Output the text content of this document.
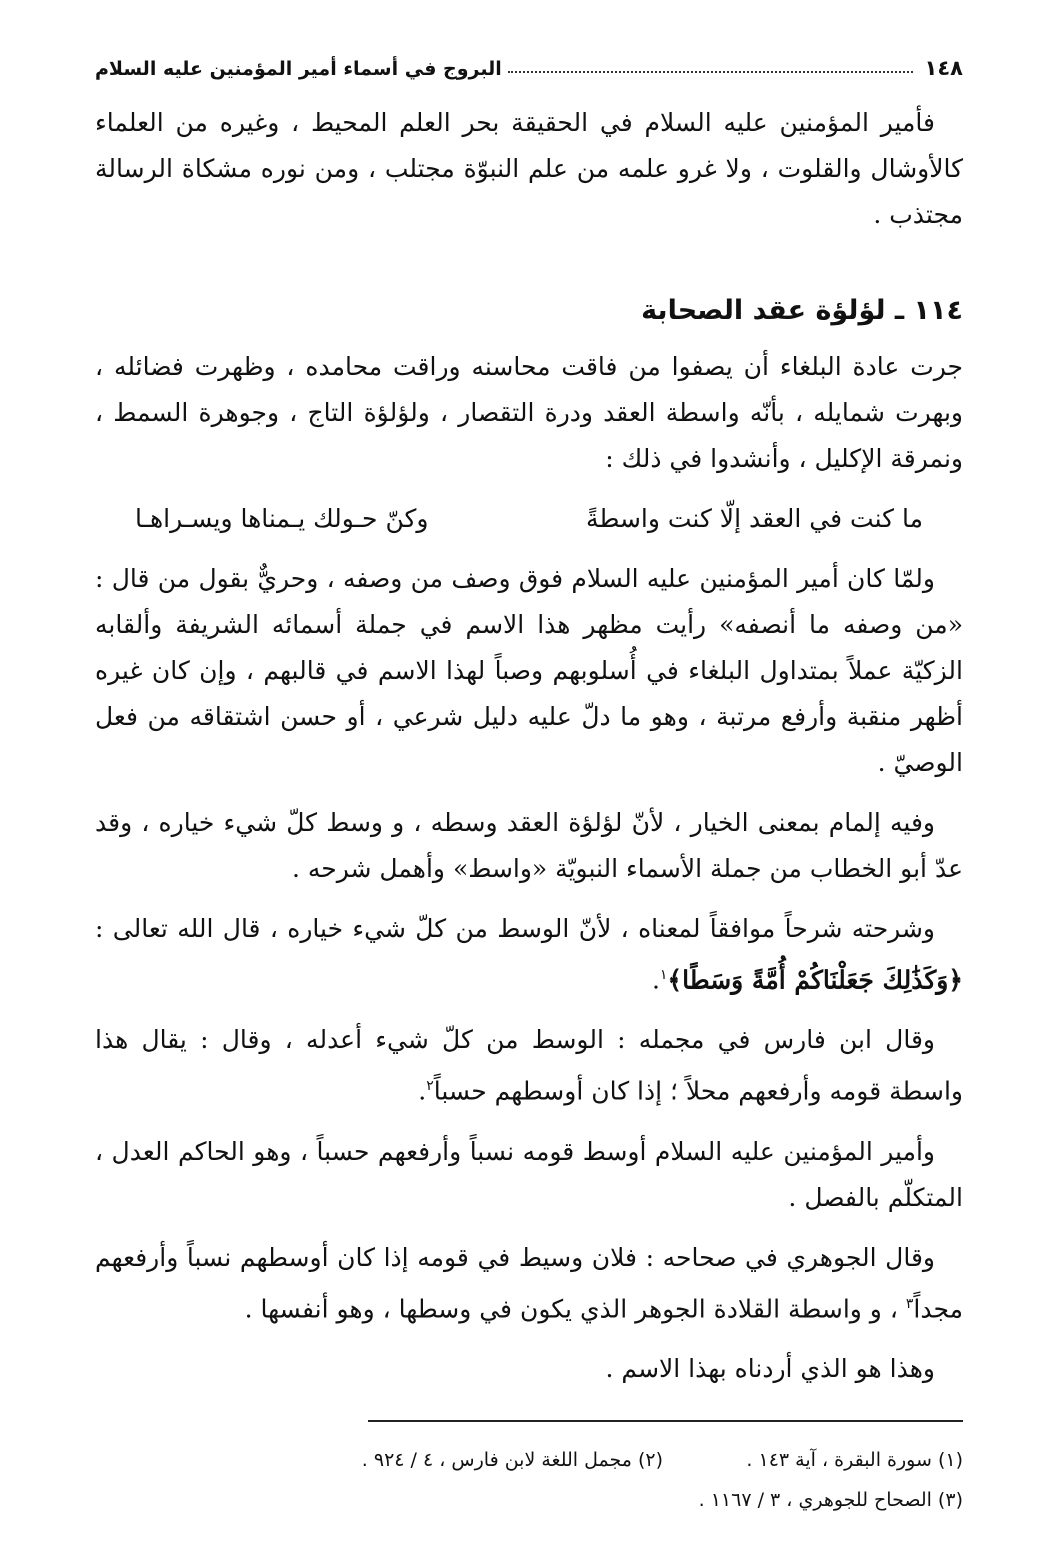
١٤٨
البروج في أسماء أمير المؤمنين عليه السلام

فأمير المؤمنين عليه السلام في الحقيقة بحر العلم المحيط ، وغيره من العلماء كالأوشال والقلوت ، ولا غرو علمه من علم النبوّة مجتلب ، ومن نوره مشكاة الرسالة مجتذب .

١١٤ ـ لؤلؤة عقد الصحابة

جرت عادة البلغاء أن يصفوا من فاقت محاسنه وراقت محامده ، وظهرت فضائله ، وبهرت شمايله ، بأنّه واسطة العقد ودرة التقصار ، ولؤلؤة التاج ، وجوهرة السمط ، ونمرقة الإكليل ، وأنشدوا في ذلك :

ما كنت في العقد إلّا كنت واسطةً
وكنّ حـولك يـمناها ويسـراهـا

ولمّا كان أمير المؤمنين عليه السلام فوق وصف من وصفه ، وحريٌّ بقول من قال : «من وصفه ما أنصفه» رأيت مظهر هذا الاسم في جملة أسمائه الشريفة وألقابه الزكيّة عملاً بمتداول البلغاء في أُسلوبهم وصباً لهذا الاسم في قالبهم ، وإن كان غيره أظهر منقبة وأرفع مرتبة ، وهو ما دلّ عليه دليل شرعي ، أو حسن اشتقاقه من فعل الوصيّ .

وفيه إلمام بمعنى الخيار ، لأنّ لؤلؤة العقد وسطه ، و وسط كلّ شيء خياره ، وقد عدّ أبو الخطاب من جملة الأسماء النبويّة «واسط» وأهمل شرحه .

وشرحته شرحاً موافقاً لمعناه ، لأنّ الوسط من كلّ شيء خياره ، قال الله تعالى : ﴿وَكَذَٰلِكَ جَعَلْنَاكُمْ أُمَّةً وَسَطًا﴾$^١$.

وقال ابن فارس في مجمله : الوسط من كلّ شيء أعدله ، وقال : يقال هذا واسطة قومه وأرفعهم محلاً ؛ إذا كان أوسطهم حسباً$^٢$.

وأمير المؤمنين عليه السلام أوسط قومه نسباً وأرفعهم حسباً ، وهو الحاكم العدل ، المتكلّم بالفصل .

وقال الجوهري في صحاحه : فلان وسيط في قومه إذا كان أوسطهم نسباً وأرفعهم مجداً$^٣$ ، و واسطة القلادة الجوهر الذي يكون في وسطها ، وهو أنفسها .

وهذا هو الذي أردناه بهذا الاسم .

(١) سورة البقرة ، آية ١٤٣ .
(٢) مجمل اللغة لابن فارس ، ٤ / ٩٢٤ .
(٣) الصحاح للجوهري ، ٣ / ١١٦٧ .
